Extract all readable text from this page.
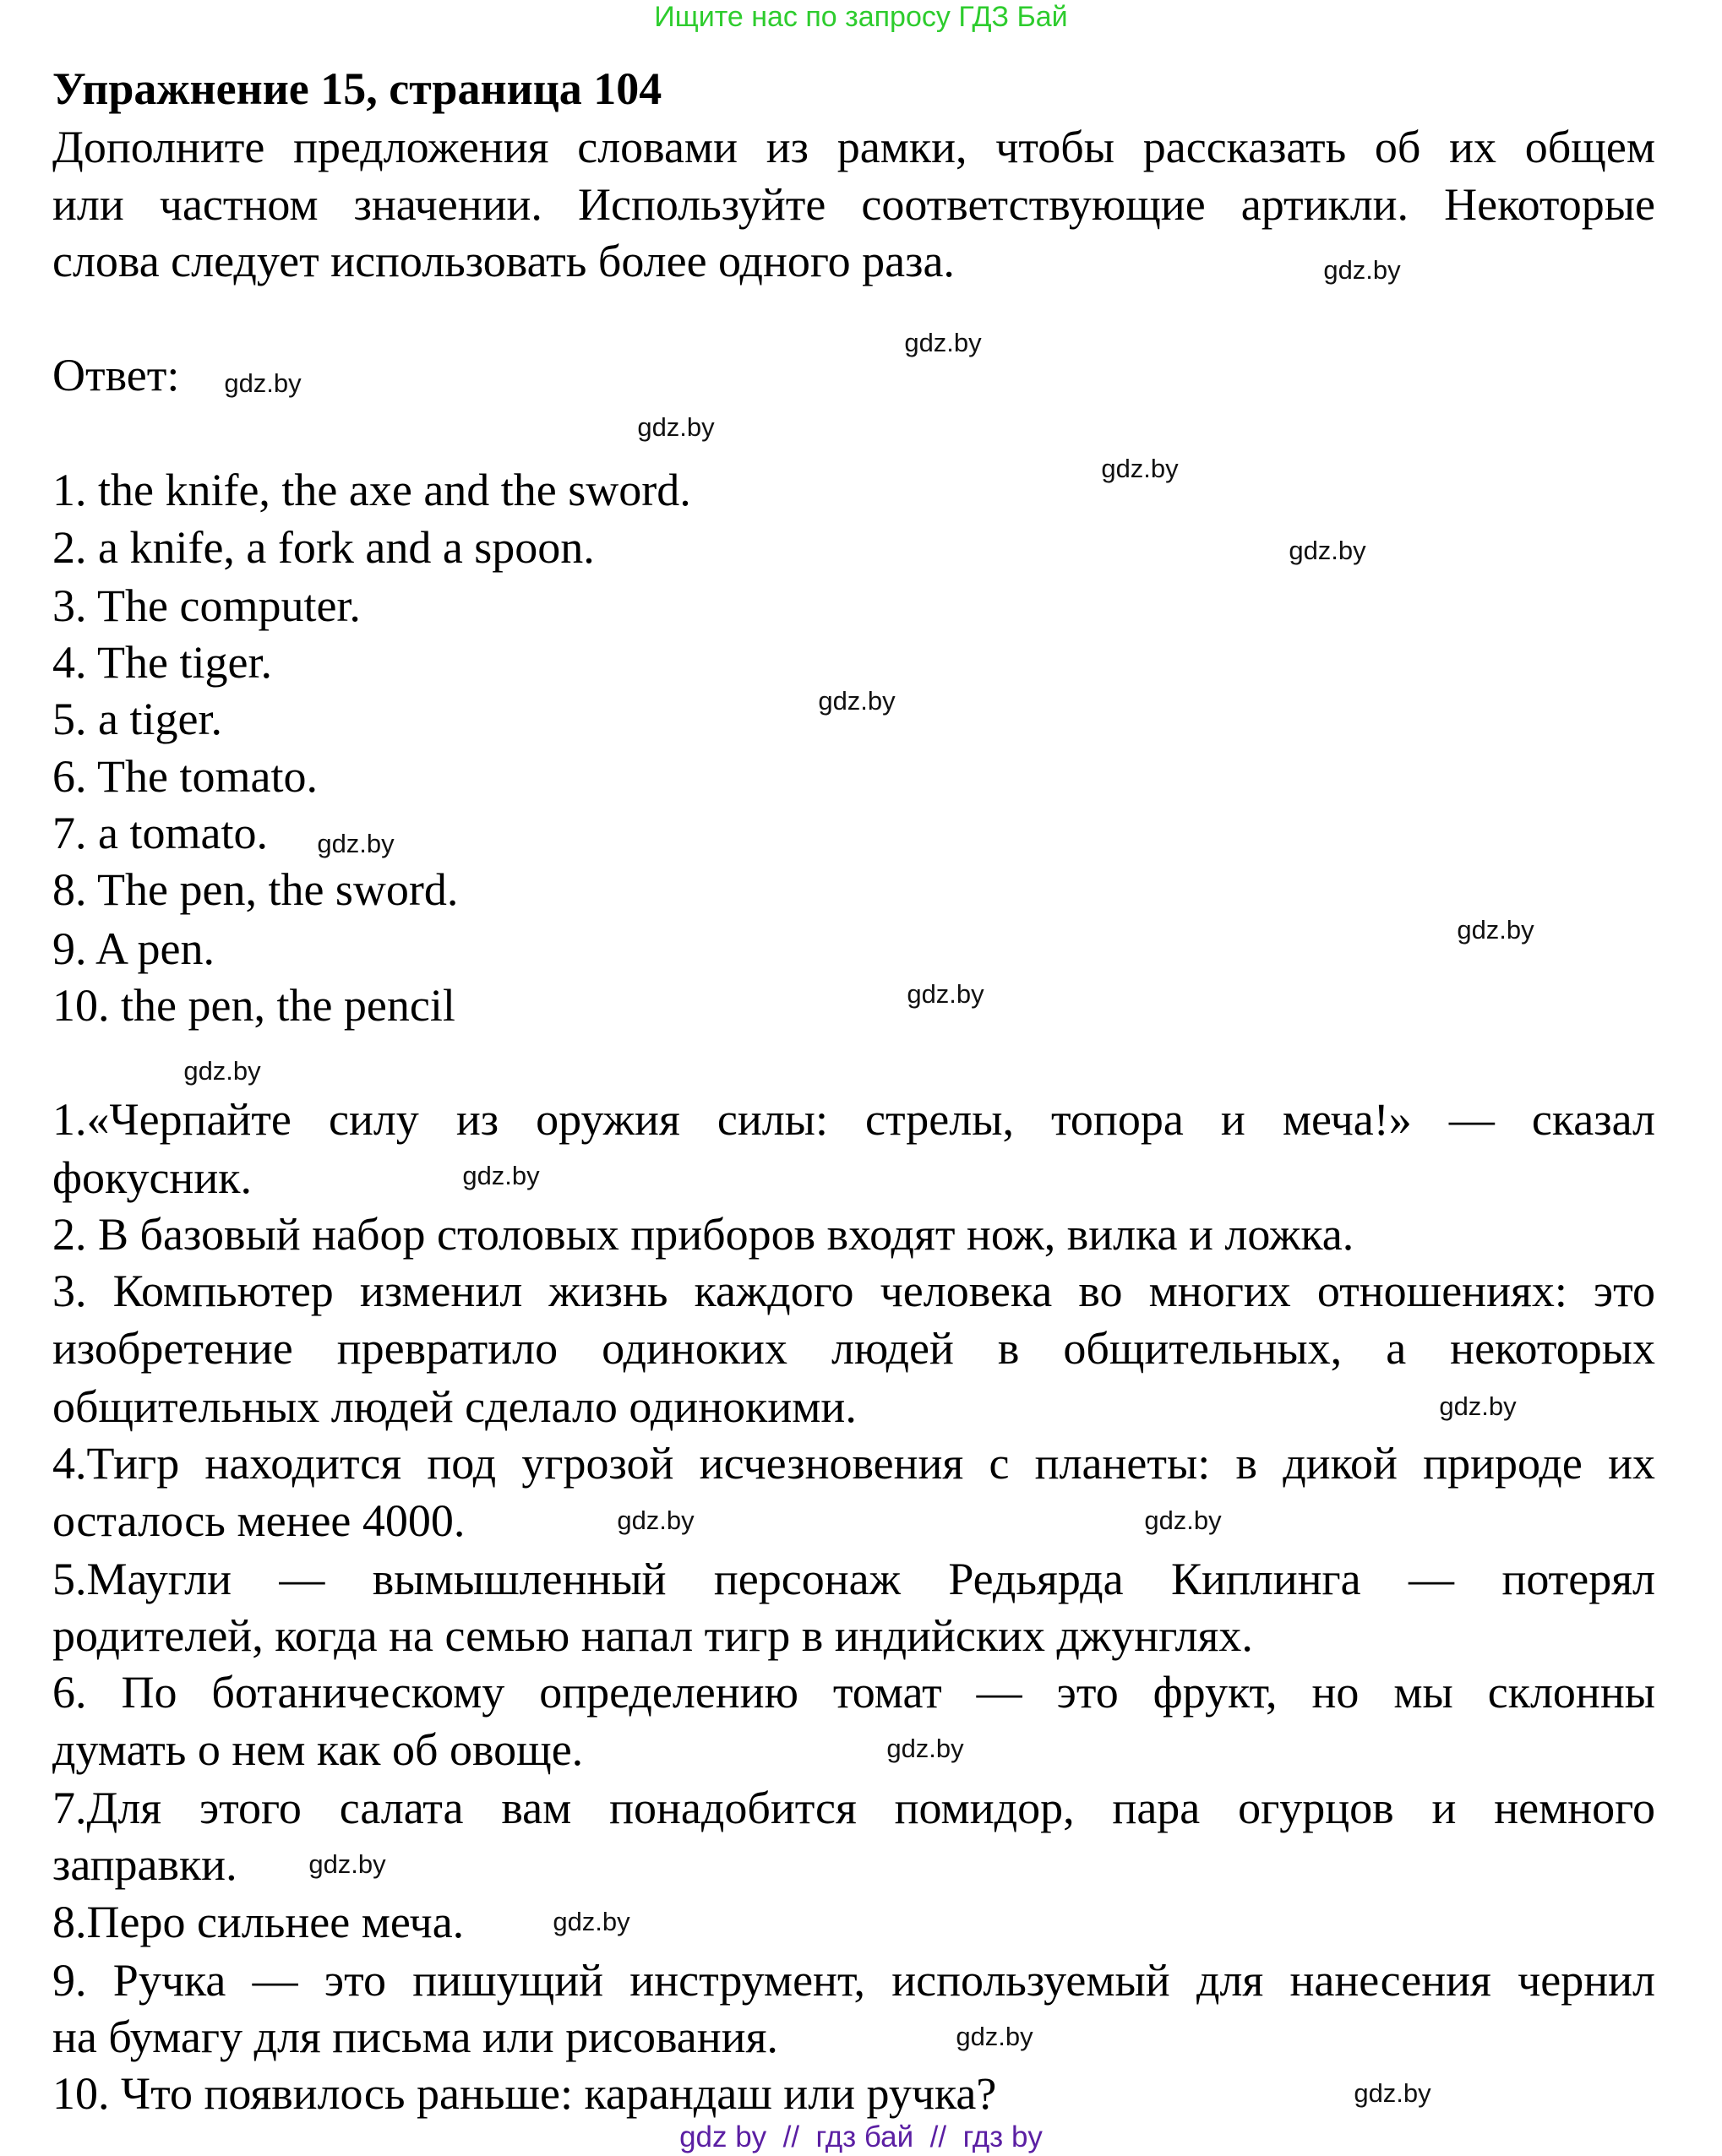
Ищите нас по запросу ГДЗ Бай
Упражнение 15, страница 104
Дополните предложения словами из рамки, чтобы рассказать об их общем
или частном значении. Используйте соответствующие артикли. Некоторые
слова следует использовать более одного раза.
Ответ:
1. the knife, the axe and the sword.
2. a knife, a fork and a spoon.
3. The computer.
4. The tiger.
5. a tiger.
6. The tomato.
7. a tomato.
8. The pen, the sword.
9. A pen.
10. the pen, the pencil
1.«Черпайте силу из оружия силы: стрелы, топора и меча!» — сказал
фокусник.
2. В базовый набор столовых приборов входят нож, вилка и ложка.
3. Компьютер изменил жизнь каждого человека во многих отношениях: это
изобретение превратило одиноких людей в общительных, а некоторых
общительных людей сделало одинокими.
4.Тигр находится под угрозой исчезновения с планеты: в дикой природе их
осталось менее 4000.
5.Маугли — вымышленный персонаж Редьярда Киплинга — потерял
родителей, когда на семью напал тигр в индийских джунглях.
6. По ботаническому определению томат — это фрукт, но мы склонны
думать о нем как об овоще.
7.Для этого салата вам понадобится помидор, пара огурцов и немного
заправки.
8.Перо сильнее меча.
9. Ручка — это пишущий инструмент, используемый для нанесения чернил
на бумагу для письма или рисования.
10. Что появилось раньше: карандаш или ручка?
gdz.by
gdz.by
gdz.by
gdz.by
gdz.by
gdz.by
gdz.by
gdz.by
gdz.by
gdz.by
gdz.by
gdz.by
gdz.by
gdz.by	gdz.by
gdz.by
gdz.by
gdz.by
gdz.by
gdz.by
gdz by  //  гдз бай  //  гдз by
